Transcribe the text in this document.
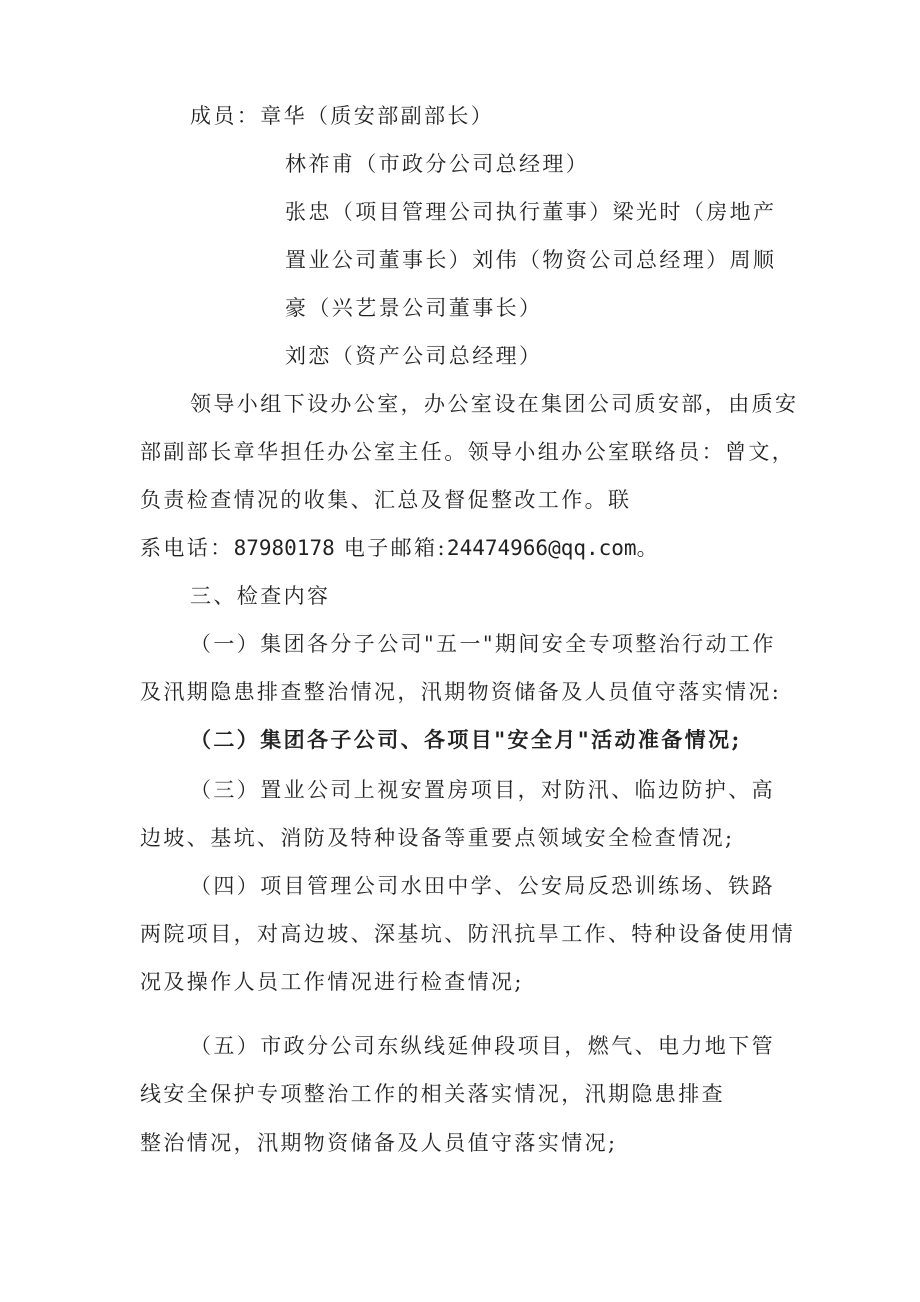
成员：章华（质安部副部长）

林祚甫（市政分公司总经理）

张忠（项目管理公司执行董事）梁光时（房地产

置业公司董事长）刘伟（物资公司总经理）周顺

豪（兴艺景公司董事长）

刘恋（资产公司总经理）

领导小组下设办公室，办公室设在集团公司质安部，由质安

部副部长章华担任办公室主任。领导小组办公室联络员：曾文，

负责检查情况的收集、汇总及督促整改工作。联

系电话：87980178 电子邮箱:24474966@qq.com。

三、检查内容

（一）集团各分子公司"五一"期间安全专项整治行动工作

及汛期隐患排查整治情况，汛期物资储备及人员值守落实情况:

（二）集团各子公司、各项目"安全月"活动准备情况;

（三）置业公司上视安置房项目，对防汛、临边防护、高

边坡、基坑、消防及特种设备等重要点领域安全检查情况;

（四）项目管理公司水田中学、公安局反恐训练场、铁路

两院项目，对高边坡、深基坑、防汛抗旱工作、特种设备使用情

况及操作人员工作情况进行检查情况;

（五）市政分公司东纵线延伸段项目，燃气、电力地下管

线安全保护专项整治工作的相关落实情况，汛期隐患排查

整治情况，汛期物资储备及人员值守落实情况;
